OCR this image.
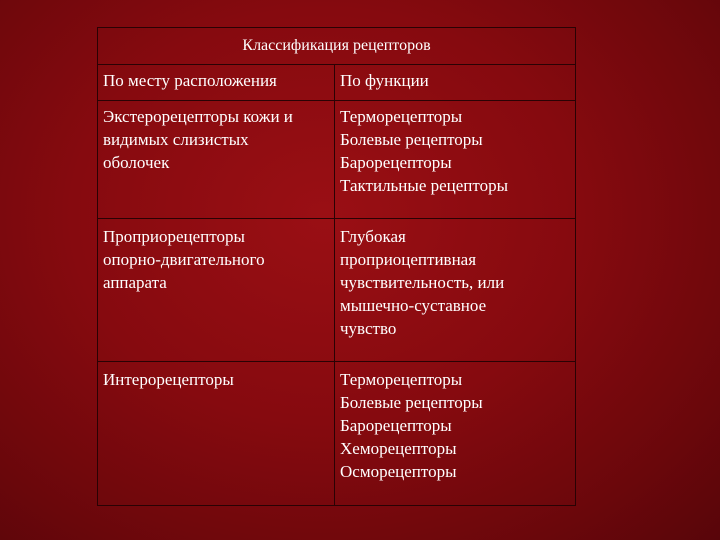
Классификация рецепторов	
По месту расположения	По функции

Экстерорецепторы кожи и
видимых слизистых
оболочек	Терморецепторы
Болевые рецепторы
Барорецепторы
Тактильные рецепторы

Проприорецепторы
опорно-двигательного
аппарата	Глубокая
проприоцептивная
чувствительность, или
мышечно-суставное
чувство

Интерорецепторы	Терморецепторы
Болевые рецепторы
Барорецепторы
Хеморецепторы
Осморецепторы
